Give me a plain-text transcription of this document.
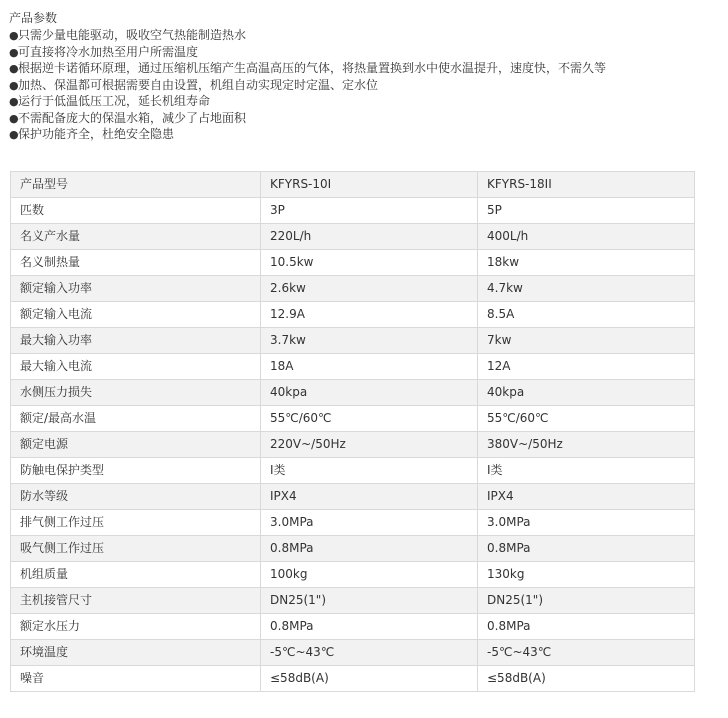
产品参数
●只需少量电能驱动，吸收空气热能制造热水
●可直接将冷水加热至用户所需温度
●根据逆卡诺循环原理，通过压缩机压缩产生高温高压的气体，将热量置换到水中使水温提升，速度快，不需久等
●加热、保温都可根据需要自由设置，机组自动实现定时定温、定水位
●运行于低温低压工况，延长机组寿命
●不需配备庞大的保温水箱，减少了占地面积
●保护功能齐全，杜绝安全隐患
产品型号	KFYRS-10I	KFYRS-18II
匹数	3P	5P
名义产水量	220L/h	400L/h
名义制热量	10.5kw	18kw
额定输入功率	2.6kw	4.7kw
额定输入电流	12.9A	8.5A
最大输入功率	3.7kw	7kw
最大输入电流	18A	12A
水侧压力损失	40kpa	40kpa
额定/最高水温	55℃/60℃	55℃/60℃
额定电源	220V~/50Hz	380V~/50Hz
防触电保护类型	I类	I类
防水等级	IPX4	IPX4
排气侧工作过压	3.0MPa	3.0MPa
吸气侧工作过压	0.8MPa	0.8MPa
机组质量	100kg	130kg
主机接管尺寸	DN25(1")	DN25(1")
额定水压力	0.8MPa	0.8MPa
环境温度	-5℃~43℃	-5℃~43℃
噪音	≤58dB(A)	≤58dB(A)
